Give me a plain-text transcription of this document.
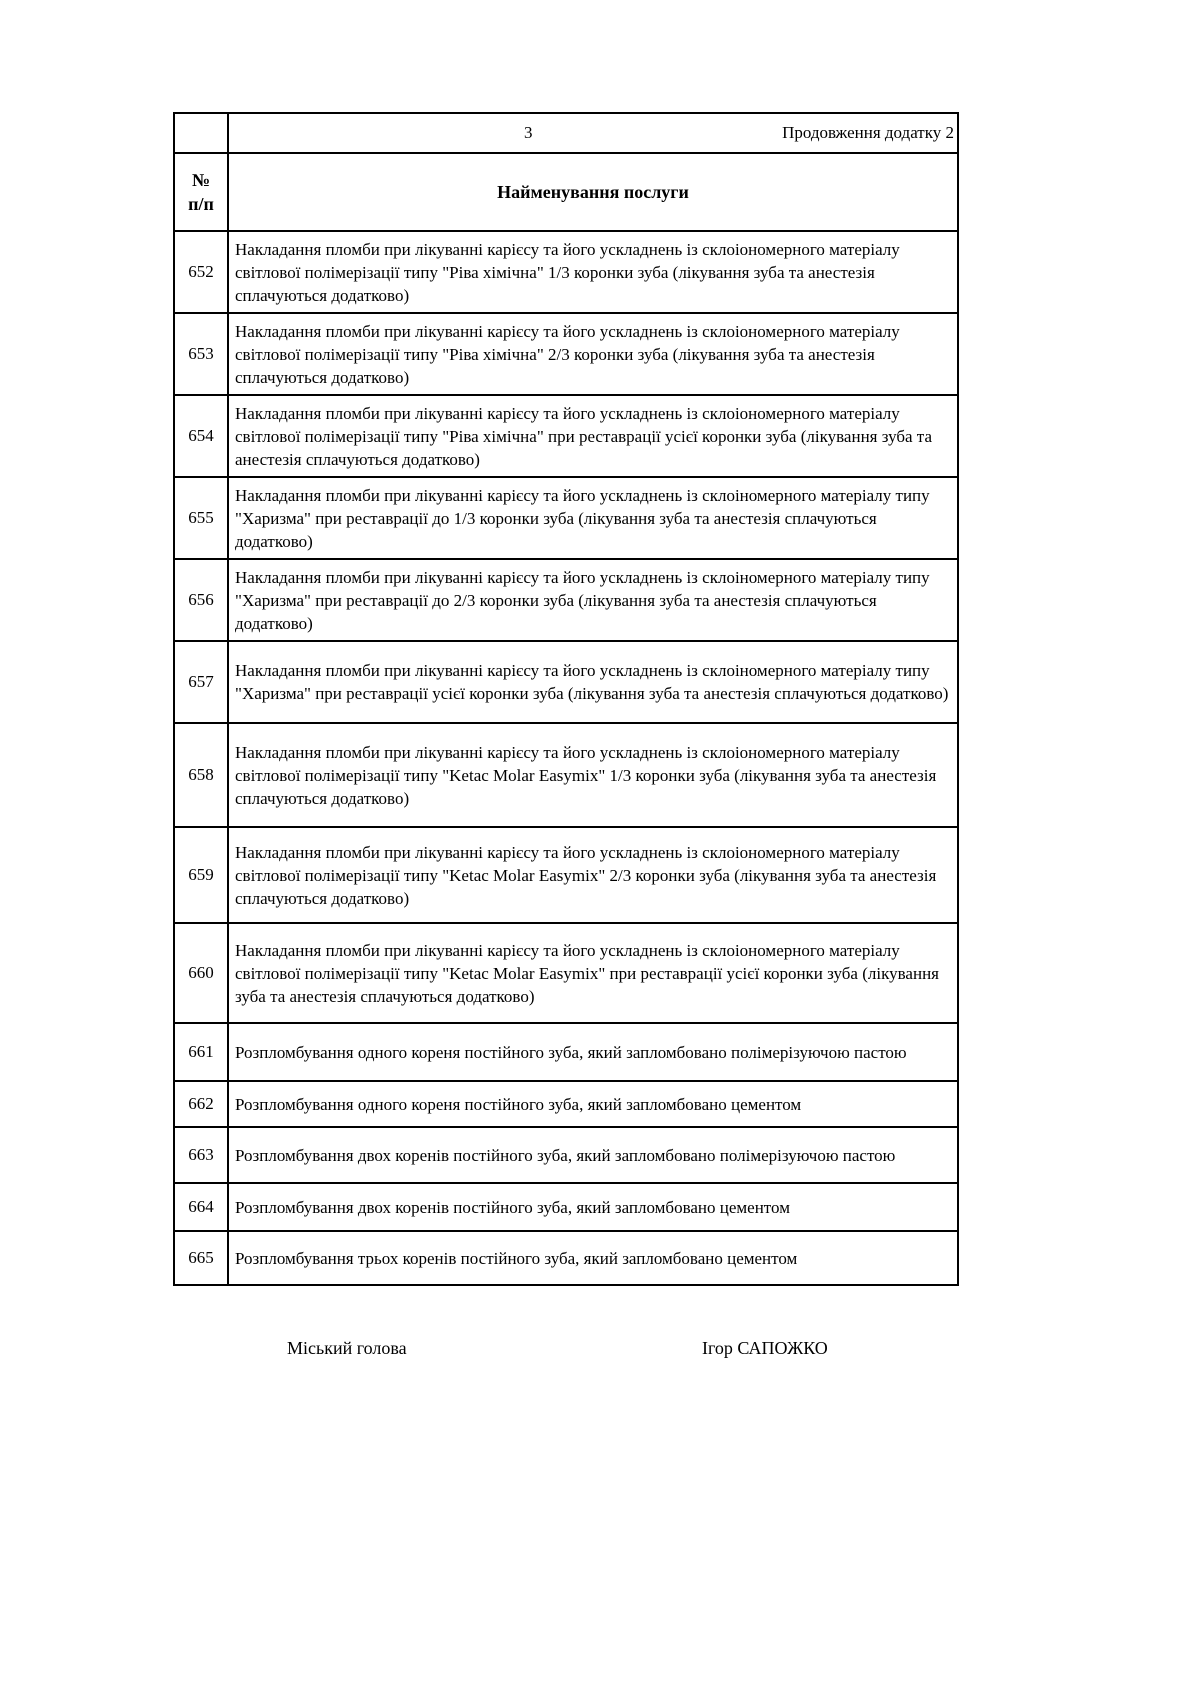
	3 Продовження додатку 2

№
п/п	Найменування послуги
652	Накладання пломби при лікуванні карієсу та його ускладнень із склоіономерного матеріалу світлової полімерізації типу "Ріва хімічна" 1/3 коронки зуба (лікування зуба та анестезія сплачуються додатково)
653	Накладання пломби при лікуванні карієсу та його ускладнень із склоіономерного матеріалу світлової полімерізації типу "Ріва хімічна" 2/3 коронки зуба (лікування зуба та анестезія сплачуються додатково)
654	Накладання пломби при лікуванні карієсу та його ускладнень із склоіономерного матеріалу світлової полімерізації типу "Ріва хімічна" при реставрації усієї коронки зуба (лікування зуба та анестезія сплачуються додатково)
655	Накладання пломби при лікуванні карієсу та його ускладнень із склоіномерного матеріалу типу "Харизма" при реставрації до 1/3 коронки зуба (лікування зуба та анестезія сплачуються додатково)
656	Накладання пломби при лікуванні карієсу та його ускладнень із склоіномерного матеріалу типу "Харизма" при реставрації до 2/3 коронки зуба (лікування зуба та анестезія сплачуються додатково)
657	Накладання пломби при лікуванні карієсу та його ускладнень із склоіномерного матеріалу типу "Харизма" при реставрації усієї коронки зуба (лікування зуба та анестезія сплачуються додатково)
658	Накладання пломби при лікуванні карієсу та його ускладнень із склоіономерного матеріалу світлової полімерізації типу "Ketac Molar Easymix" 1/3 коронки зуба (лікування зуба та анестезія сплачуються додатково)
659	Накладання пломби при лікуванні карієсу та його ускладнень із склоіономерного матеріалу світлової полімерізації типу "Ketac Molar Easymix" 2/3 коронки зуба (лікування зуба та анестезія сплачуються додатково)
660	Накладання пломби при лікуванні карієсу та його ускладнень із склоіономерного матеріалу світлової полімерізації типу "Ketac Molar Easymix" при реставрації усієї коронки зуба (лікування зуба та анестезія сплачуються додатково)
661	Розпломбування одного кореня постійного зуба, який запломбовано полімерізуючою пастою
662	Розпломбування одного кореня постійного зуба, який запломбовано цементом
663	Розпломбування двох коренів постійного зуба, який запломбовано полімерізуючою пастою
664	Розпломбування двох коренів постійного зуба, який запломбовано цементом
665	Розпломбування трьох коренів постійного зуба, який запломбовано цементом
Міський голова	Ігор САПОЖКО
